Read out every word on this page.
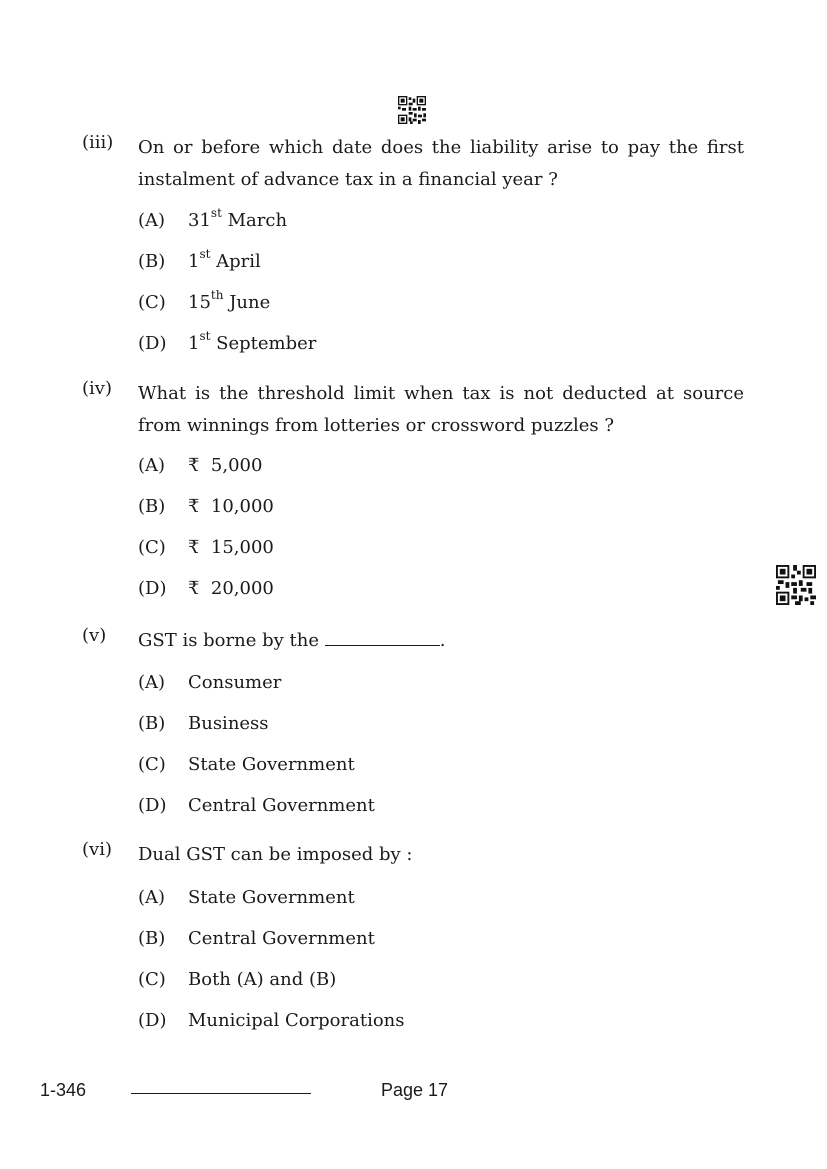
(iii) On or before which date does the liability arise to pay the first instalment of advance tax in a financial year ?
(A) 31st March
(B) 1st April
(C) 15th June
(D) 1st September
(iv) What is the threshold limit when tax is not deducted at source from winnings from lotteries or crossword puzzles ?
(A) ₹  5,000
(B) ₹  10,000
(C) ₹  15,000
(D) ₹  20,000
(v) GST is borne by the	.
(A) Consumer
(B) Business
(C) State Government
(D) Central Government
(vi) Dual GST can be imposed by :
(A) State Government
(B) Central Government
(C) Both (A) and (B)
(D) Municipal Corporations
1-346	Page 17
